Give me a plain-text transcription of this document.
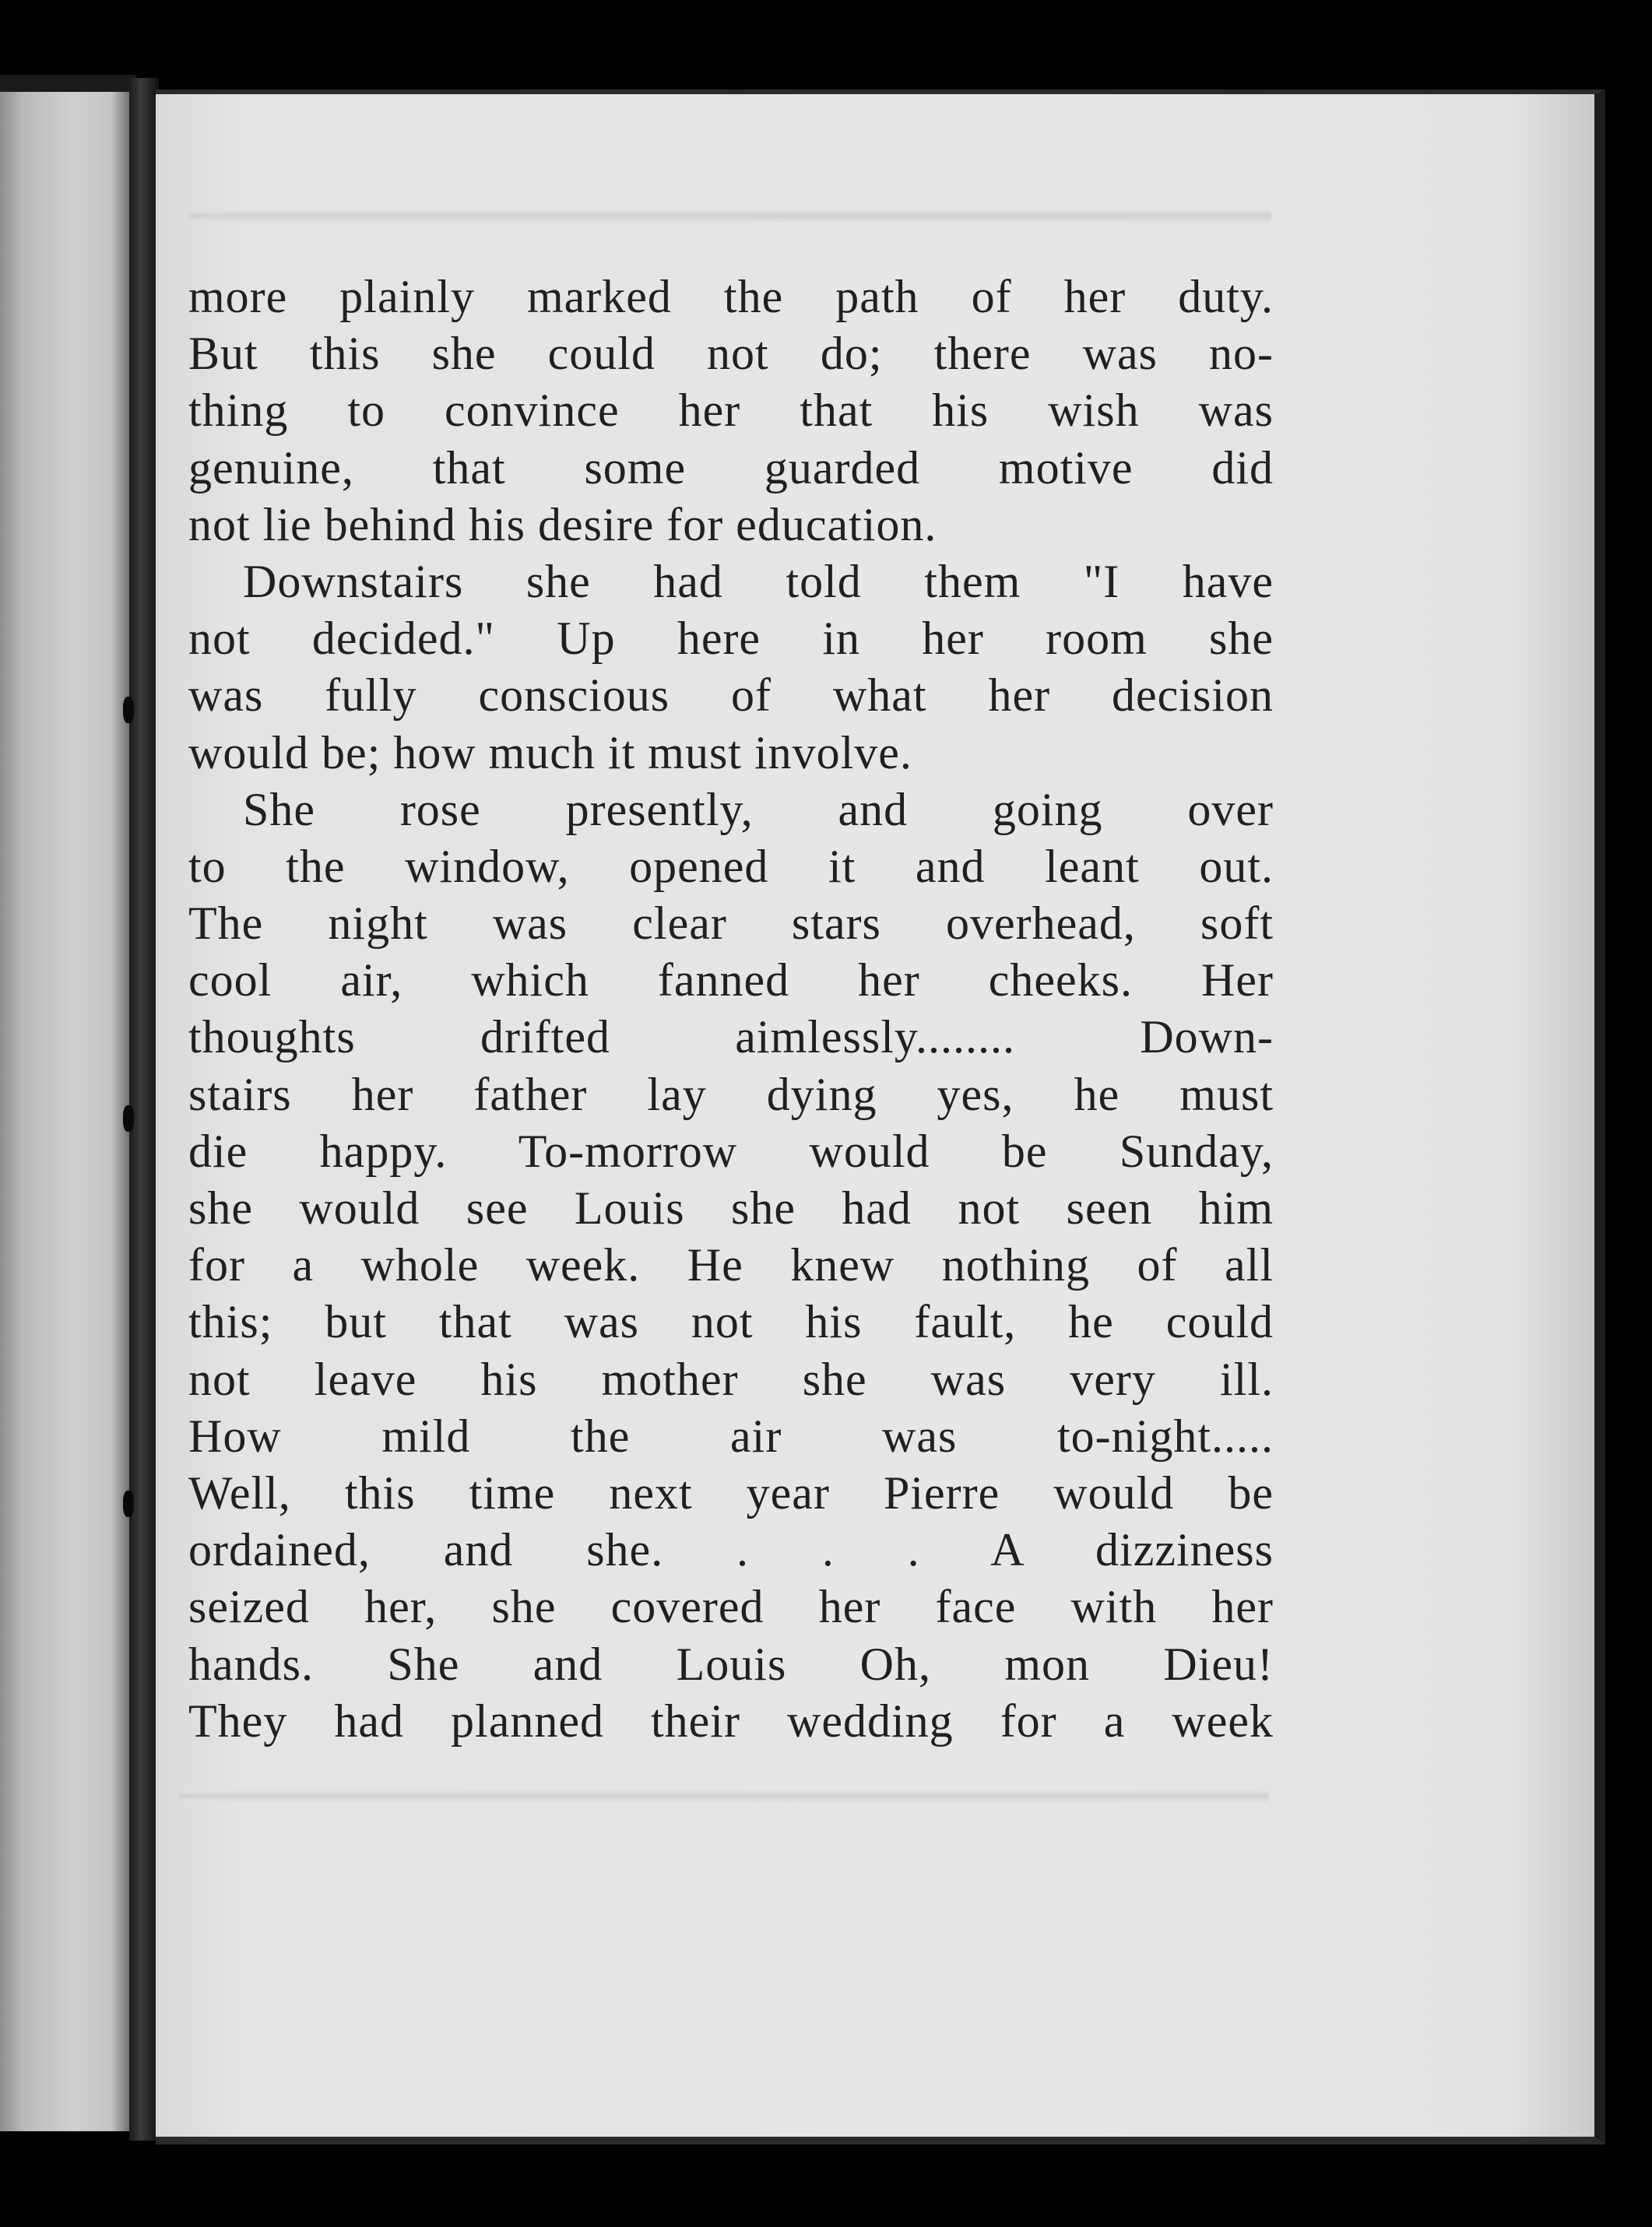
more plainly marked the path of her duty.
But this she could not do; there was no-
thing to convince her that his wish was
genuine, that some guarded motive did
not lie behind his desire for education.
Downstairs she had told them "I have
not decided." Up here in her room she
was fully conscious of what her decision
would be; how much it must involve.
She rose presently, and going over
to the window, opened it and leant out.
The night was clear stars overhead, soft
cool air, which fanned her cheeks. Her
thoughts drifted aimlessly........ Down-
stairs her father lay dying yes, he must
die happy. To-morrow would be Sunday,
she would see Louis she had not seen him
for a whole week. He knew nothing of all
this; but that was not his fault, he could
not leave his mother she was very ill.
How mild the air was to-night.....
Well, this time next year Pierre would be
ordained, and she. . . . A dizziness
seized her, she covered her face with her
hands. She and Louis Oh, mon Dieu!
They had planned their wedding for a week
